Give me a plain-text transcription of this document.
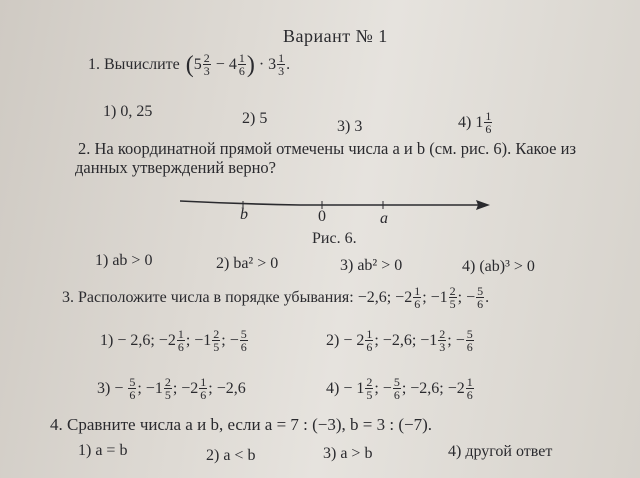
Вариант № 1
1. Вычислите ( $5 \frac{2}{3} - 4 \frac{1}{6}$ ) · $3 \frac{1}{3}$ .
1) 0, 25	2) 5	3) 3	4) $1 \frac{1}{6}$
2. На координатной прямой отмечены числа a и b (см. рис. 6). Какое из
данных утверждений верно?
b	0	a
Рис. 6.
1) ab > 0	2) ba² > 0	3) ab² > 0	4) (ab)³ > 0
3. Расположите числа в порядке убывания: −2,6; − $2 \frac{1}{6}$ ; − $1 \frac{2}{5}$ ; − $\frac{5}{6}$ .
1) − 2,6; − $2 \frac{1}{6}$ ; − $1 \frac{2}{5}$ ; − $\frac{5}{6}$	$2) - 2 \frac{1}{6}$ ; −2,6; − $1 \frac{2}{3}$ ; − $\frac{5}{6}$
$3) - \frac{5}{6}$ ; − $1 \frac{2}{5}$ ; − $2 \frac{1}{6}$ ; −2,6	$4) - 1 \frac{2}{5}$ ; − $\frac{5}{6}$ ; −2,6; − $2 \frac{1}{6}$
4. Сравните числа a и b, если a = 7 : (−3), b = 3 : (−7).
1) a = b	2) a < b	3) a > b	4) другой ответ
